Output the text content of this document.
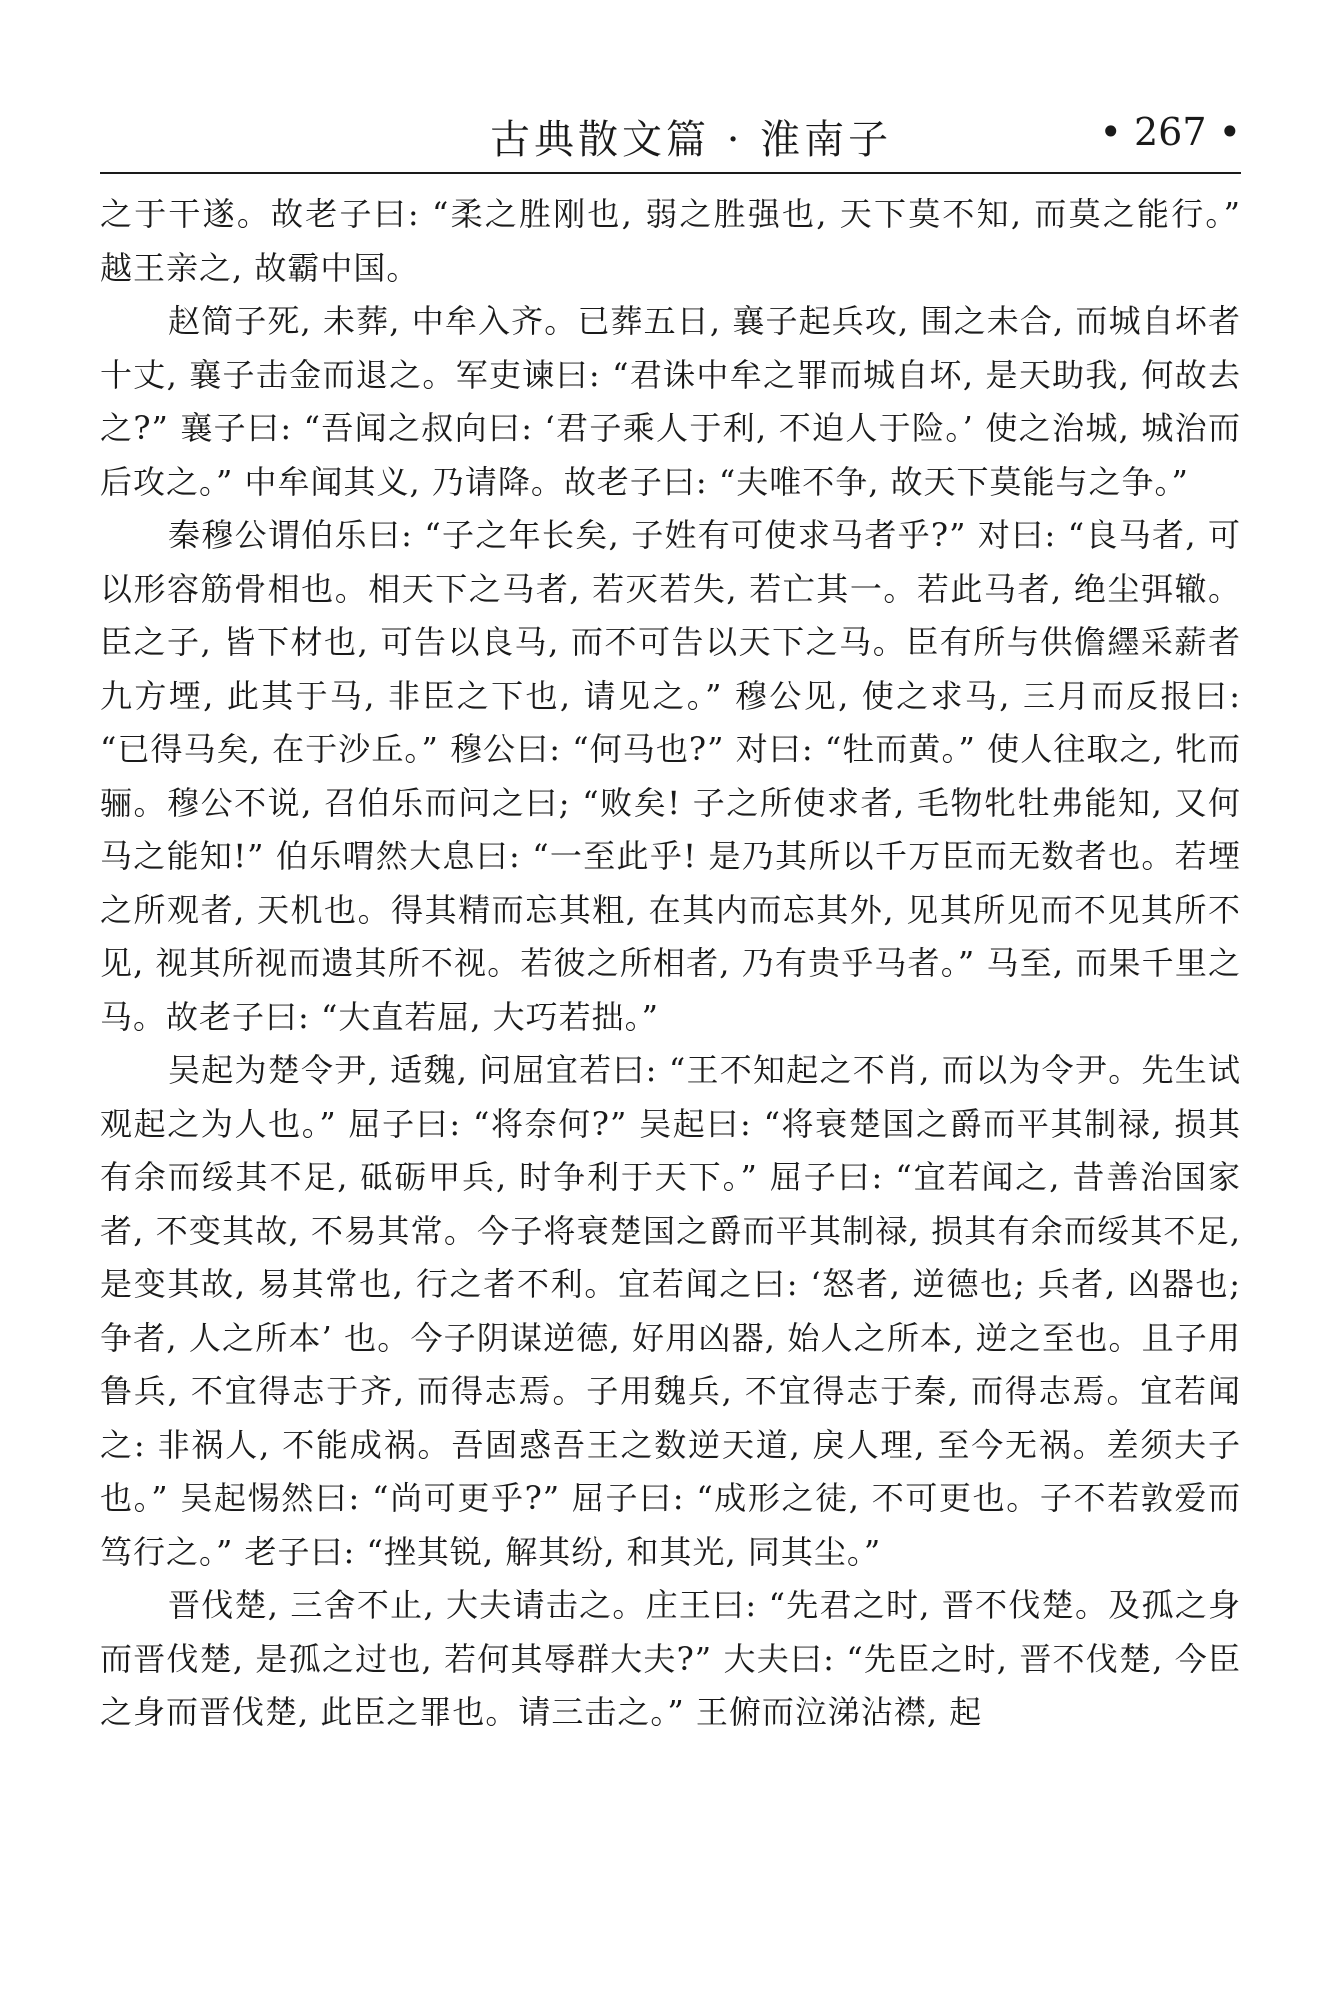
古典散文篇 · 淮南子	• 267 •

之于干遂。故老子曰: “柔之胜刚也, 弱之胜强也, 天下莫不知, 而莫之能行。” 越王亲之, 故霸中国。

赵简子死, 未葬, 中牟入齐。已葬五日, 襄子起兵攻, 围之未合, 而城自坏者十丈, 襄子击金而退之。军吏谏曰: “君诛中牟之罪而城自坏, 是天助我, 何故去之?” 襄子曰: “吾闻之叔向曰: ‘君子乘人于利, 不迫人于险。’ 使之治城, 城治而后攻之。” 中牟闻其义, 乃请降。故老子曰: “夫唯不争, 故天下莫能与之争。”

秦穆公谓伯乐曰: “子之年长矣, 子姓有可使求马者乎?” 对曰: “良马者, 可以形容筋骨相也。相天下之马者, 若灭若失, 若亡其一。若此马者, 绝尘弭辙。臣之子, 皆下材也, 可告以良马, 而不可告以天下之马。臣有所与供儋纆采薪者九方堙, 此其于马, 非臣之下也, 请见之。” 穆公见, 使之求马, 三月而反报曰: “已得马矣, 在于沙丘。” 穆公曰: “何马也?” 对曰: “牡而黄。” 使人往取之, 牝而骊。穆公不说, 召伯乐而问之曰; “败矣! 子之所使求者, 毛物牝牡弗能知, 又何马之能知!” 伯乐喟然大息曰: “一至此乎! 是乃其所以千万臣而无数者也。若堙之所观者, 天机也。得其精而忘其粗, 在其内而忘其外, 见其所见而不见其所不见, 视其所视而遗其所不视。若彼之所相者, 乃有贵乎马者。” 马至, 而果千里之马。故老子曰: “大直若屈, 大巧若拙。”

吴起为楚令尹, 适魏, 问屈宜若曰: “王不知起之不肖, 而以为令尹。先生试观起之为人也。” 屈子曰: “将奈何?” 吴起曰: “将衰楚国之爵而平其制禄, 损其有余而绥其不足, 砥砺甲兵, 时争利于天下。” 屈子曰: “宜若闻之, 昔善治国家者, 不变其故, 不易其常。今子将衰楚国之爵而平其制禄, 损其有余而绥其不足, 是变其故, 易其常也, 行之者不利。宜若闻之曰: ‘怒者, 逆德也; 兵者, 凶器也; 争者, 人之所本’ 也。今子阴谋逆德, 好用凶器, 始人之所本, 逆之至也。且子用鲁兵, 不宜得志于齐, 而得志焉。子用魏兵, 不宜得志于秦, 而得志焉。宜若闻之: 非祸人, 不能成祸。吾固惑吾王之数逆天道, 戾人理, 至今无祸。差须夫子也。” 吴起惕然曰: “尚可更乎?” 屈子曰: “成形之徒, 不可更也。子不若敦爱而笃行之。” 老子曰: “挫其锐, 解其纷, 和其光, 同其尘。”

晋伐楚, 三舍不止, 大夫请击之。庄王曰: “先君之时, 晋不伐楚。及孤之身而晋伐楚, 是孤之过也, 若何其辱群大夫?” 大夫曰: “先臣之时, 晋不伐楚, 今臣之身而晋伐楚, 此臣之罪也。请三击之。” 王俯而泣涕沾襟, 起
